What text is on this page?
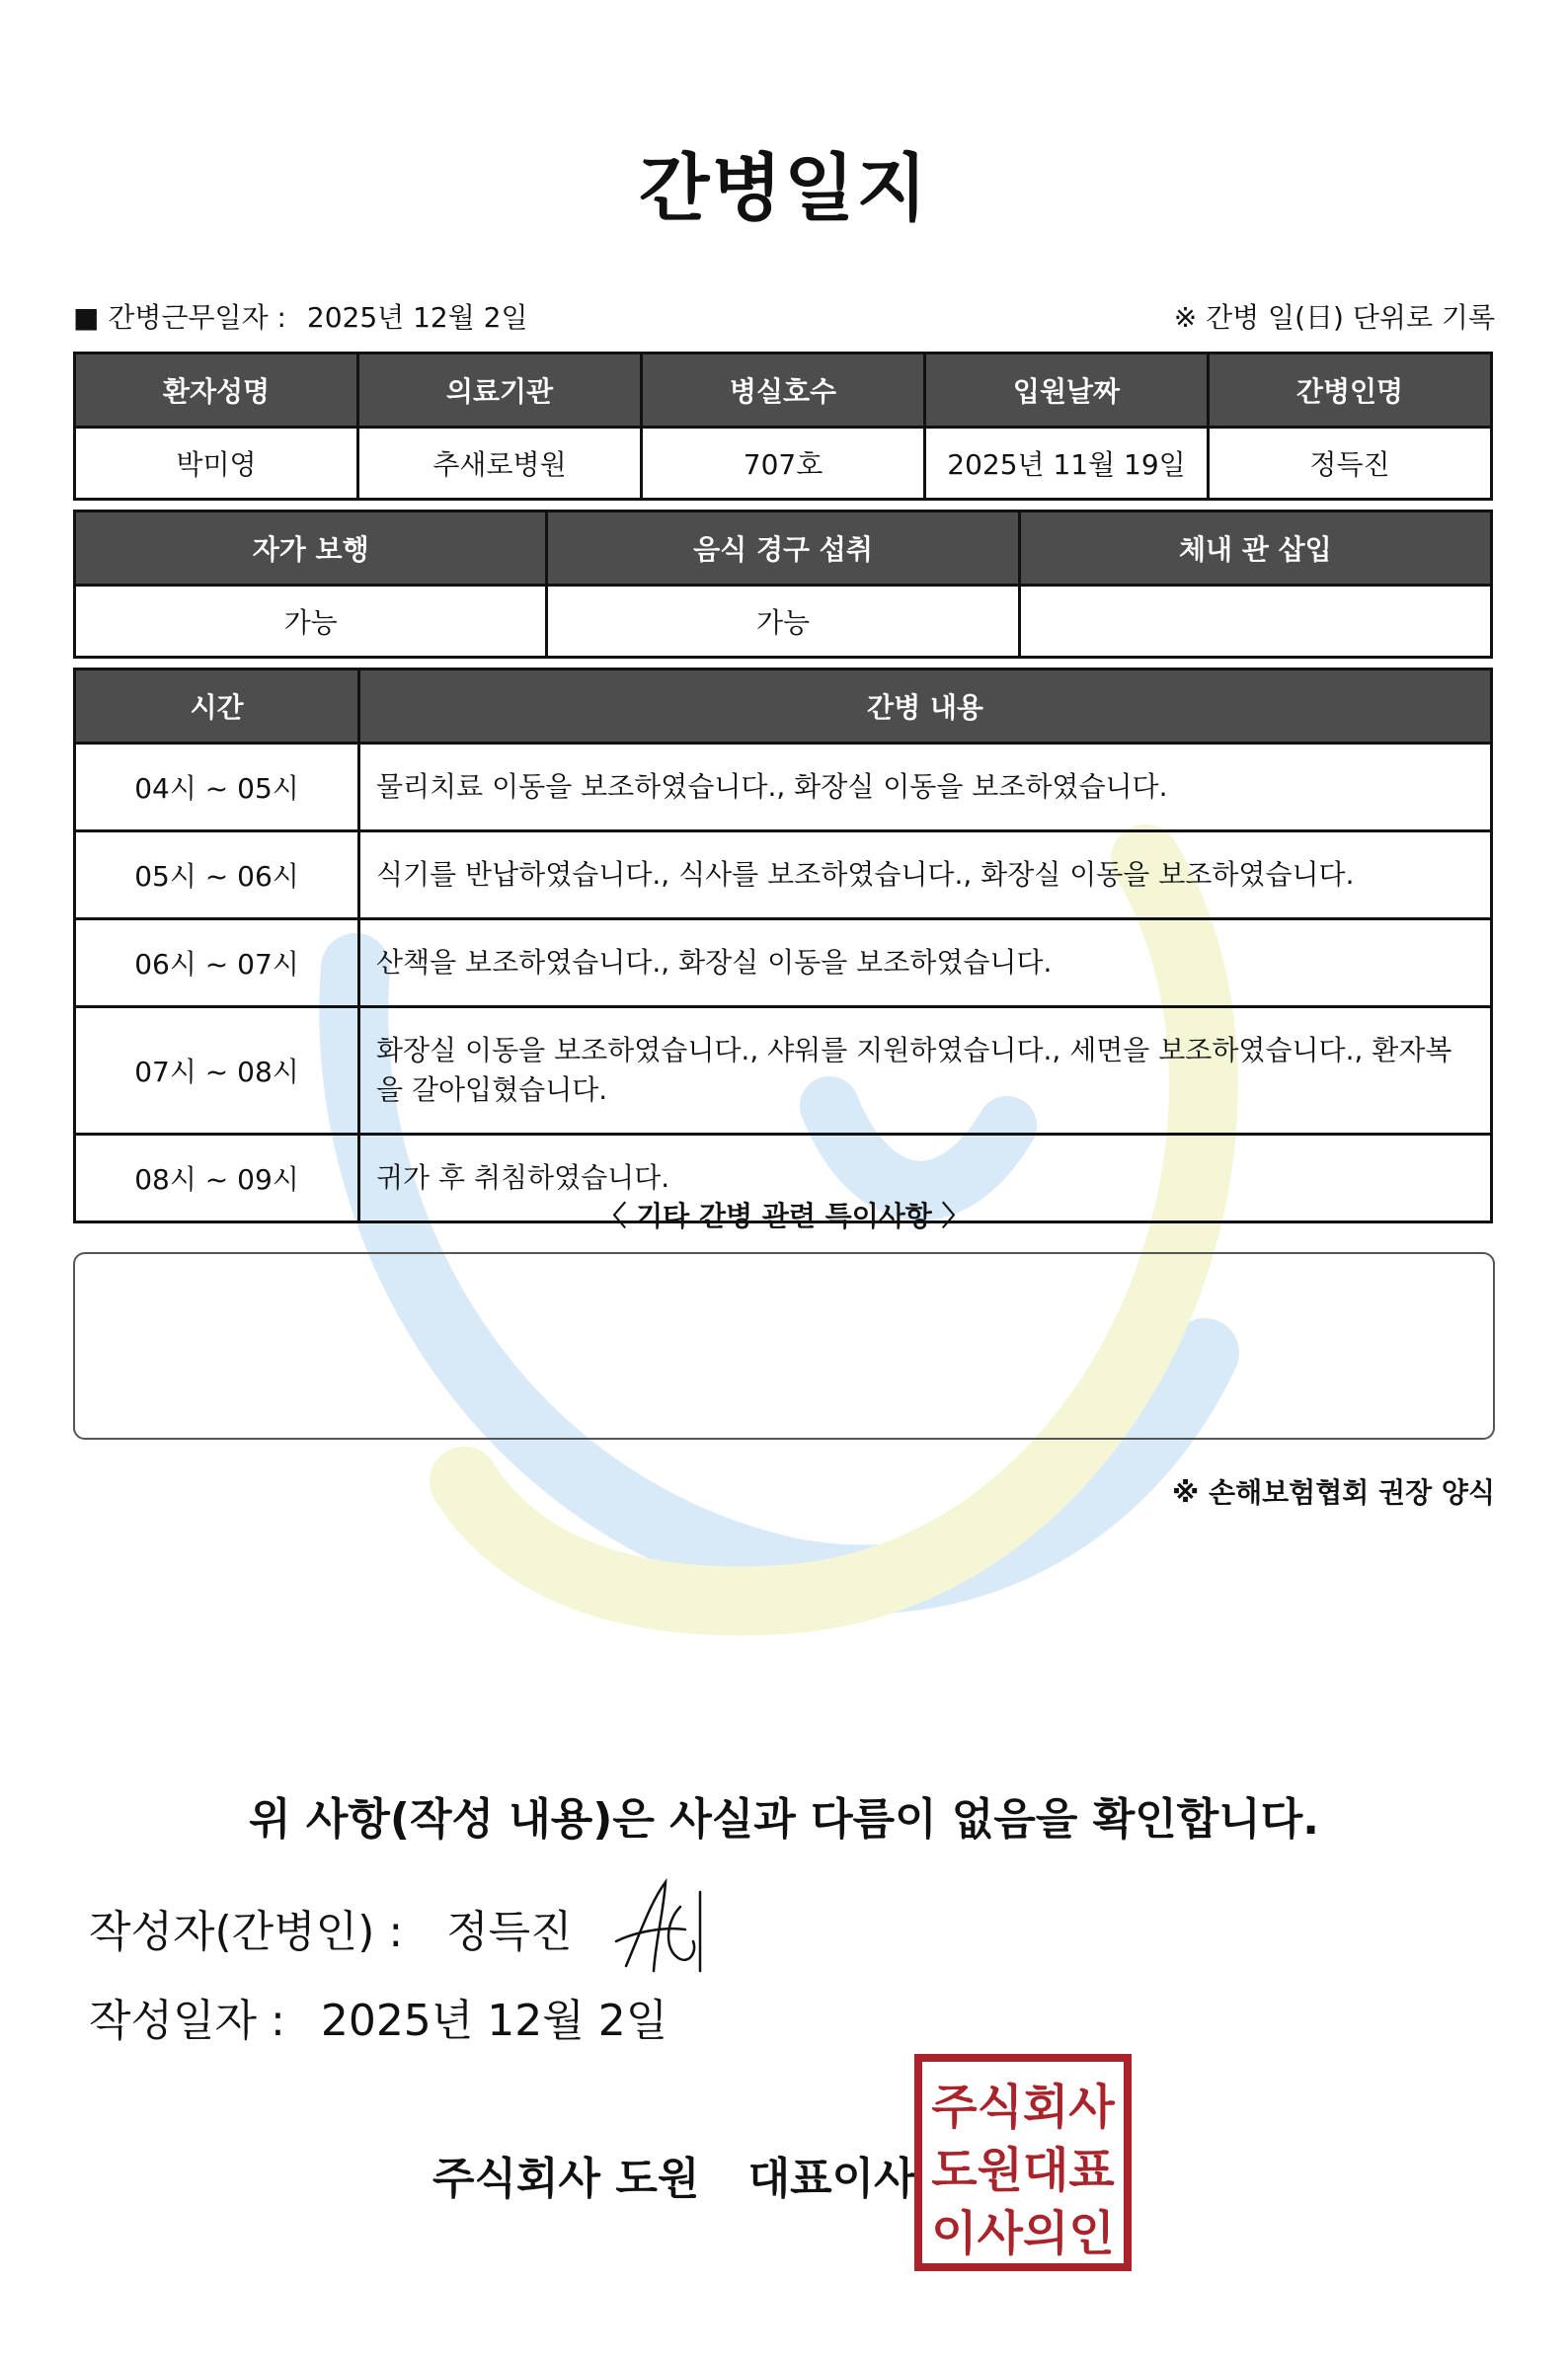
간병일지
■ 간병근무일자 : 2025년 12월 2일	※ 간병 일(日) 단위로 기록
환자성명	의료기관	병실호수	입원날짜	간병인명
박미영	추새로병원	707호	2025년 11월 19일	정득진
자가 보행	음식 경구 섭취	체내 관 삽입
가능	가능	
시간	간병 내용
04시 ~ 05시	물리치료 이동을 보조하였습니다., 화장실 이동을 보조하였습니다.
05시 ~ 06시	식기를 반납하였습니다., 식사를 보조하였습니다., 화장실 이동을 보조하였습니다.
06시 ~ 07시	산책을 보조하였습니다., 화장실 이동을 보조하였습니다.
07시 ~ 08시	화장실 이동을 보조하였습니다., 샤워를 지원하였습니다., 세면을 보조하였습니다., 환자복을 갈아입혔습니다.
08시 ~ 09시	귀가 후 취침하였습니다.
〈 기타 간병 관련 특이사항 〉
※ 손해보험협회 권장 양식
위 사항(작성 내용)은 사실과 다름이 없음을 확인합니다.
작성자(간병인) : 정득진
작성일자 : 2025년 12월 2일
주식회사 도원 대표이사
주식회사
도원대표
이사의인
